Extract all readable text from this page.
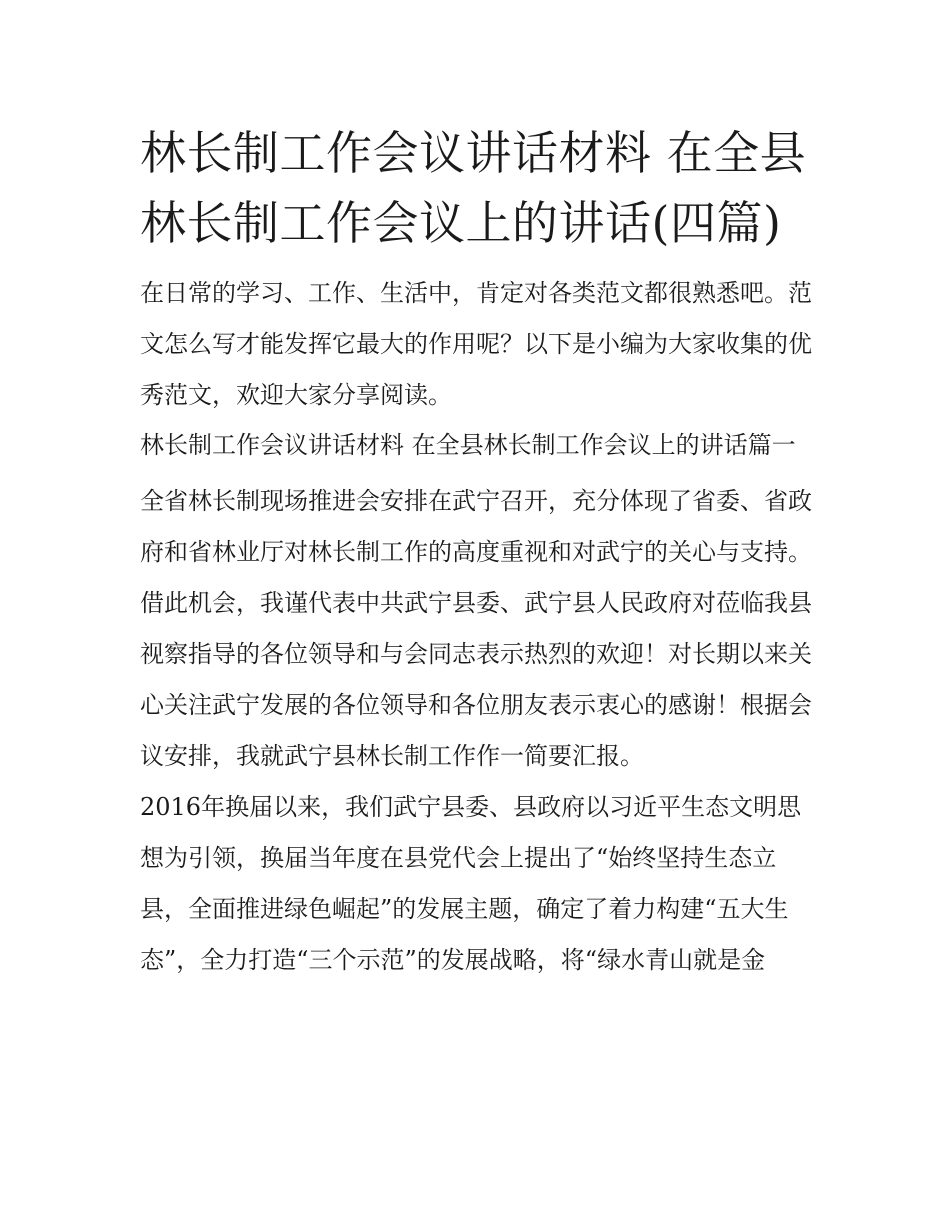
林长制工作会议讲话材料 在全县林长制工作会议上的讲话(四篇)

在日常的学习、工作、生活中，肯定对各类范文都很熟悉吧。范文怎么写才能发挥它最大的作用呢？以下是小编为大家收集的优秀范文，欢迎大家分享阅读。

林长制工作会议讲话材料 在全县林长制工作会议上的讲话篇一

全省林长制现场推进会安排在武宁召开，充分体现了省委、省政府和省林业厅对林长制工作的高度重视和对武宁的关心与支持。借此机会，我谨代表中共武宁县委、武宁县人民政府对莅临我县视察指导的各位领导和与会同志表示热烈的欢迎！对长期以来关心关注武宁发展的各位领导和各位朋友表示衷心的感谢！根据会议安排，我就武宁县林长制工作作一简要汇报。

2016年换届以来，我们武宁县委、县政府以习近平生态文明思想为引领，换届当年度在县党代会上提出了“始终坚持生态立县，全面推进绿色崛起”的发展主题，确定了着力构建“五大生态”，全力打造“三个示范”的发展战略，将“绿水青山就是金
